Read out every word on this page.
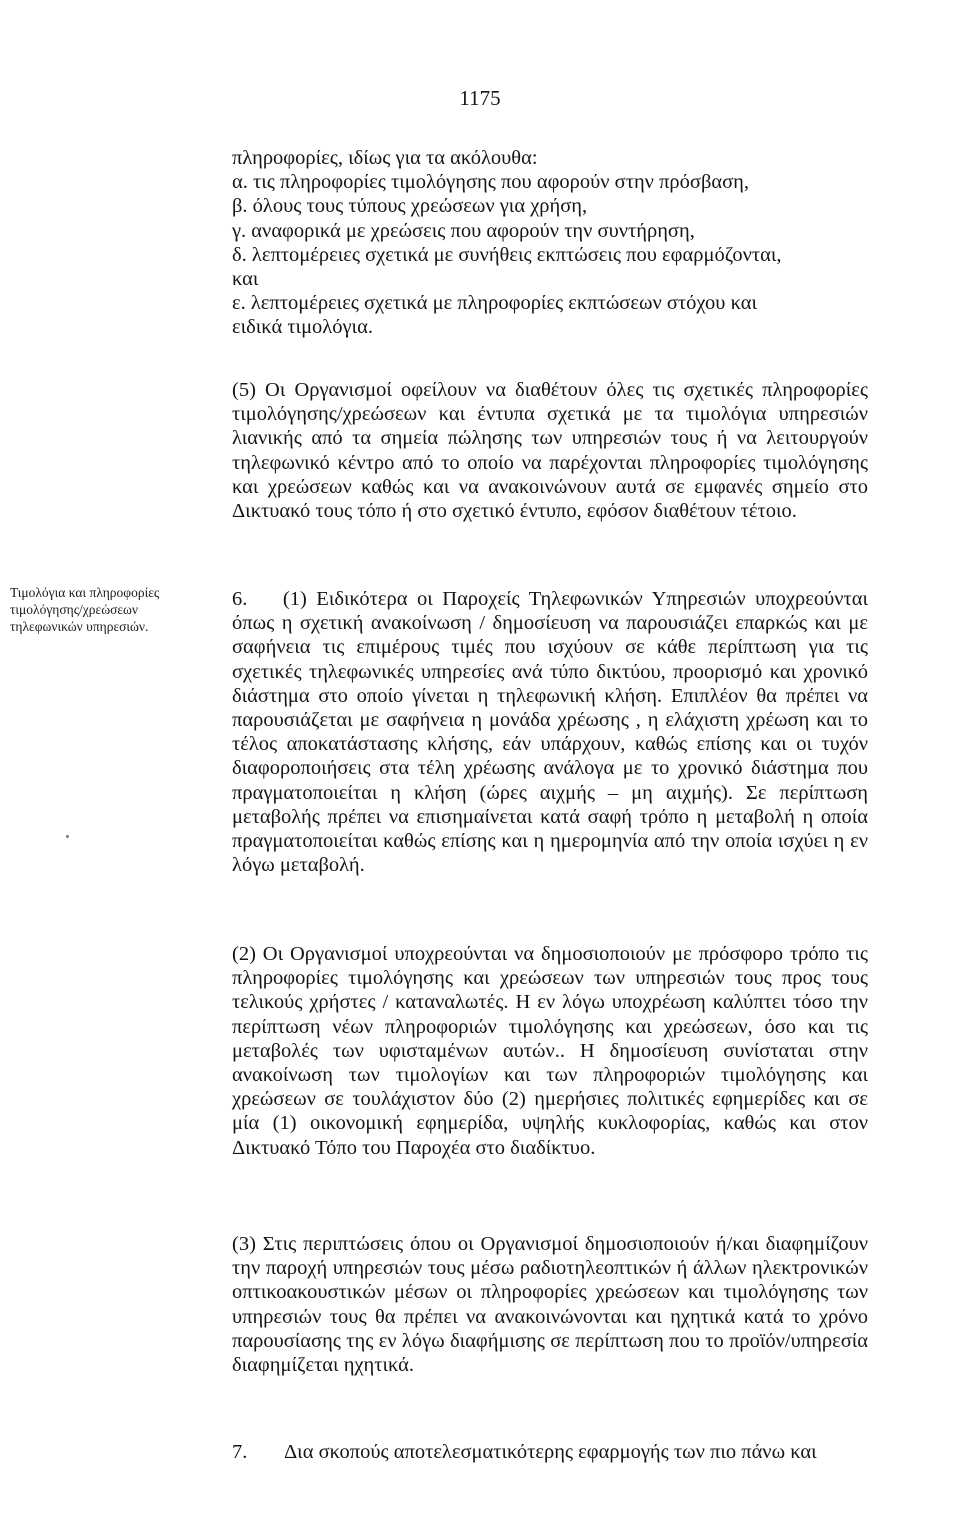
1175
πληροφορίες, ιδίως για τα ακόλουθα:
α. τις πληροφορίες τιμολόγησης που αφορούν στην πρόσβαση,
β. όλους τους τύπους χρεώσεων για χρήση,
γ. αναφορικά με χρεώσεις που αφορούν την συντήρηση,
δ. λεπτομέρειες σχετικά με συνήθεις εκπτώσεις που εφαρμόζονται,
και
ε. λεπτομέρειες σχετικά με πληροφορίες εκπτώσεων στόχου και
ειδικά τιμολόγια.
(5) Οι Οργανισμοί οφείλουν να διαθέτουν όλες τις σχετικές πληροφορίες τιμολόγησης/χρεώσεων και έντυπα σχετικά με τα τιμολόγια υπηρεσιών λιανικής από τα σημεία πώλησης των υπηρεσιών τους ή να λειτουργούν τηλεφωνικό κέντρο από το οποίο να παρέχονται πληροφορίες τιμολόγησης και χρεώσεων καθώς και να ανακοινώνουν αυτά σε εμφανές σημείο στο Δικτυακό τους τόπο ή στο σχετικό έντυπο, εφόσον διαθέτουν τέτοιο.
Τιμολόγια και πληροφορίες
τιμολόγησης/χρεώσεων
τηλεφωνικών υπηρεσιών.
6. (1) Ειδικότερα οι Παροχείς Τηλεφωνικών Υπηρεσιών υποχρεούνται όπως η σχετική ανακοίνωση / δημοσίευση να παρουσιάζει επαρκώς και με σαφήνεια τις επιμέρους τιμές που ισχύουν σε κάθε περίπτωση για τις σχετικές τηλεφωνικές υπηρεσίες ανά τύπο δικτύου, προορισμό και χρονικό διάστημα στο οποίο γίνεται η τηλεφωνική κλήση. Επιπλέον θα πρέπει να παρουσιάζεται με σαφήνεια η μονάδα χρέωσης , η ελάχιστη χρέωση και το τέλος αποκατάστασης κλήσης, εάν υπάρχουν, καθώς επίσης και οι τυχόν διαφοροποιήσεις στα τέλη χρέωσης ανάλογα με το χρονικό διάστημα που πραγματοποιείται η κλήση (ώρες αιχμής – μη αιχμής). Σε περίπτωση μεταβολής πρέπει να επισημαίνεται κατά σαφή τρόπο η μεταβολή η οποία πραγματοποιείται καθώς επίσης και η ημερομηνία από την οποία ισχύει η εν λόγω μεταβολή.
(2) Οι Οργανισμοί υποχρεούνται να δημοσιοποιούν με πρόσφορο τρόπο τις πληροφορίες τιμολόγησης και χρεώσεων των υπηρεσιών τους προς τους τελικούς χρήστες / καταναλωτές. Η εν λόγω υποχρέωση καλύπτει τόσο την περίπτωση νέων πληροφοριών τιμολόγησης και χρεώσεων, όσο και τις μεταβολές των υφισταμένων αυτών.. Η δημοσίευση συνίσταται στην ανακοίνωση των τιμολογίων και των πληροφοριών τιμολόγησης και χρεώσεων σε τουλάχιστον δύο (2) ημερήσιες πολιτικές εφημερίδες και σε μία (1) οικονομική εφημερίδα, υψηλής κυκλοφορίας, καθώς και στον Δικτυακό Τόπο του Παροχέα στο διαδίκτυο.
(3) Στις περιπτώσεις όπου οι Οργανισμοί δημοσιοποιούν ή/και διαφημίζουν την παροχή υπηρεσιών τους μέσω ραδιοτηλεοπτικών ή άλλων ηλεκτρονικών οπτικοακουστικών μέσων οι πληροφορίες χρεώσεων και τιμολόγησης των υπηρεσιών τους θα πρέπει να ανακοινώνονται και ηχητικά κατά το χρόνο παρουσίασης της εν λόγω διαφήμισης σε περίπτωση που το προϊόν/υπηρεσία διαφημίζεται ηχητικά.
7. Δια σκοπούς αποτελεσματικότερης εφαρμογής των πιο πάνω και
